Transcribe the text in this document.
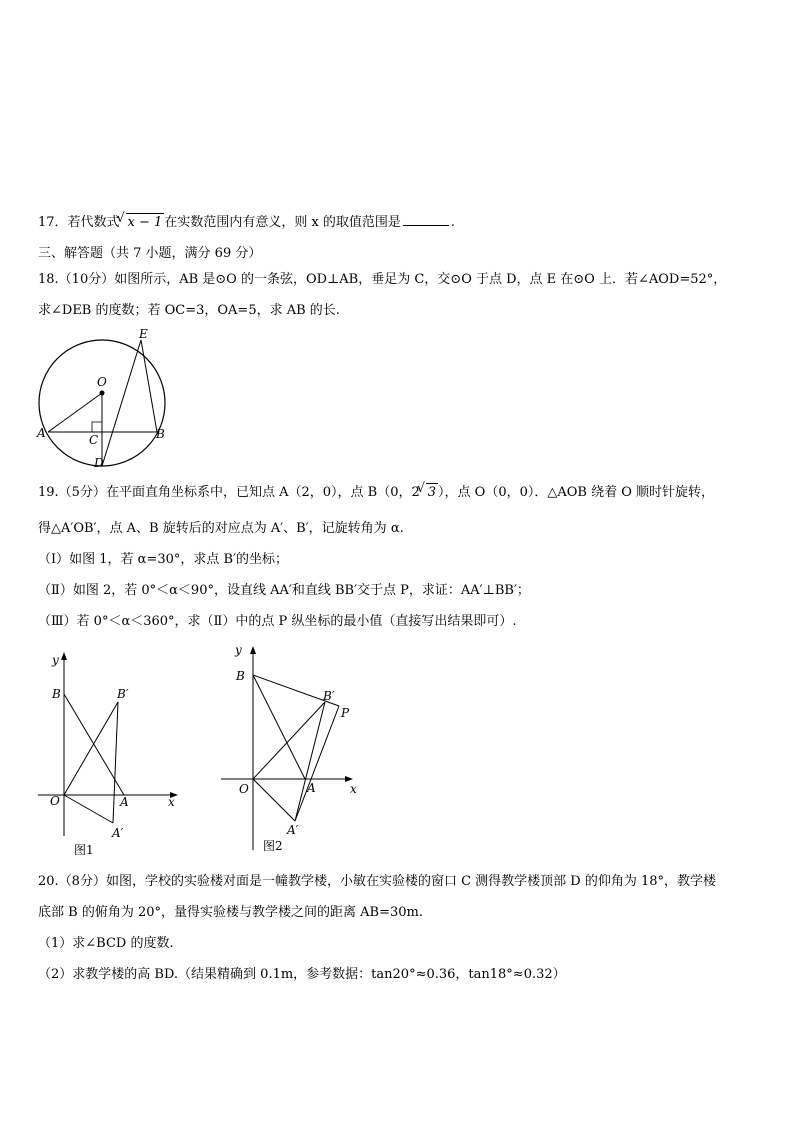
17．若代数式 √ x − 1 在实数范围内有意义，则 x 的取值范围是	.
三、解答题（共 7 小题，满分 69 分）
18.（10分）如图所示，AB 是⊙O 的一条弦，OD⊥AB，垂足为 C，交⊙O 于点 D，点 E 在⊙O 上．若∠AOD=52°，
求∠DEB 的度数；若 OC=3，OA=5，求 AB 的长.
E
O
A	C	B
D
19.（5分）在平面直角坐标系中，已知点 A（2，0），点 B（0，2 √ 3 ），点 O（0，0）．△AOB 绕着 O 顺时针旋转，
得△A′OB′，点 A、B 旋转后的对应点为 A′、B′，记旋转角为 α.
（Ⅰ）如图 1，若 α=30°，求点 B′的坐标；
（Ⅱ）如图 2，若 0°＜α＜90°，设直线 AA′和直线 BB′交于点 P，求证：AA′⊥BB′；
（Ⅲ）若 0°＜α＜360°，求（Ⅱ）中的点 P 纵坐标的最小值（直接写出结果即可）.
y
B	B′
O	A	x
A′
图1
y
B
B′
P
O	A	x
A′
图2
20.（8分）如图，学校的实验楼对面是一幢教学楼，小敏在实验楼的窗口 C 测得教学楼顶部 D 的仰角为 18°，教学楼
底部 B 的俯角为 20°，量得实验楼与教学楼之间的距离 AB=30m.
（1）求∠BCD 的度数.
（2）求教学楼的高 BD.（结果精确到 0.1m，参考数据：tan20°≈0.36，tan18°≈0.32）
